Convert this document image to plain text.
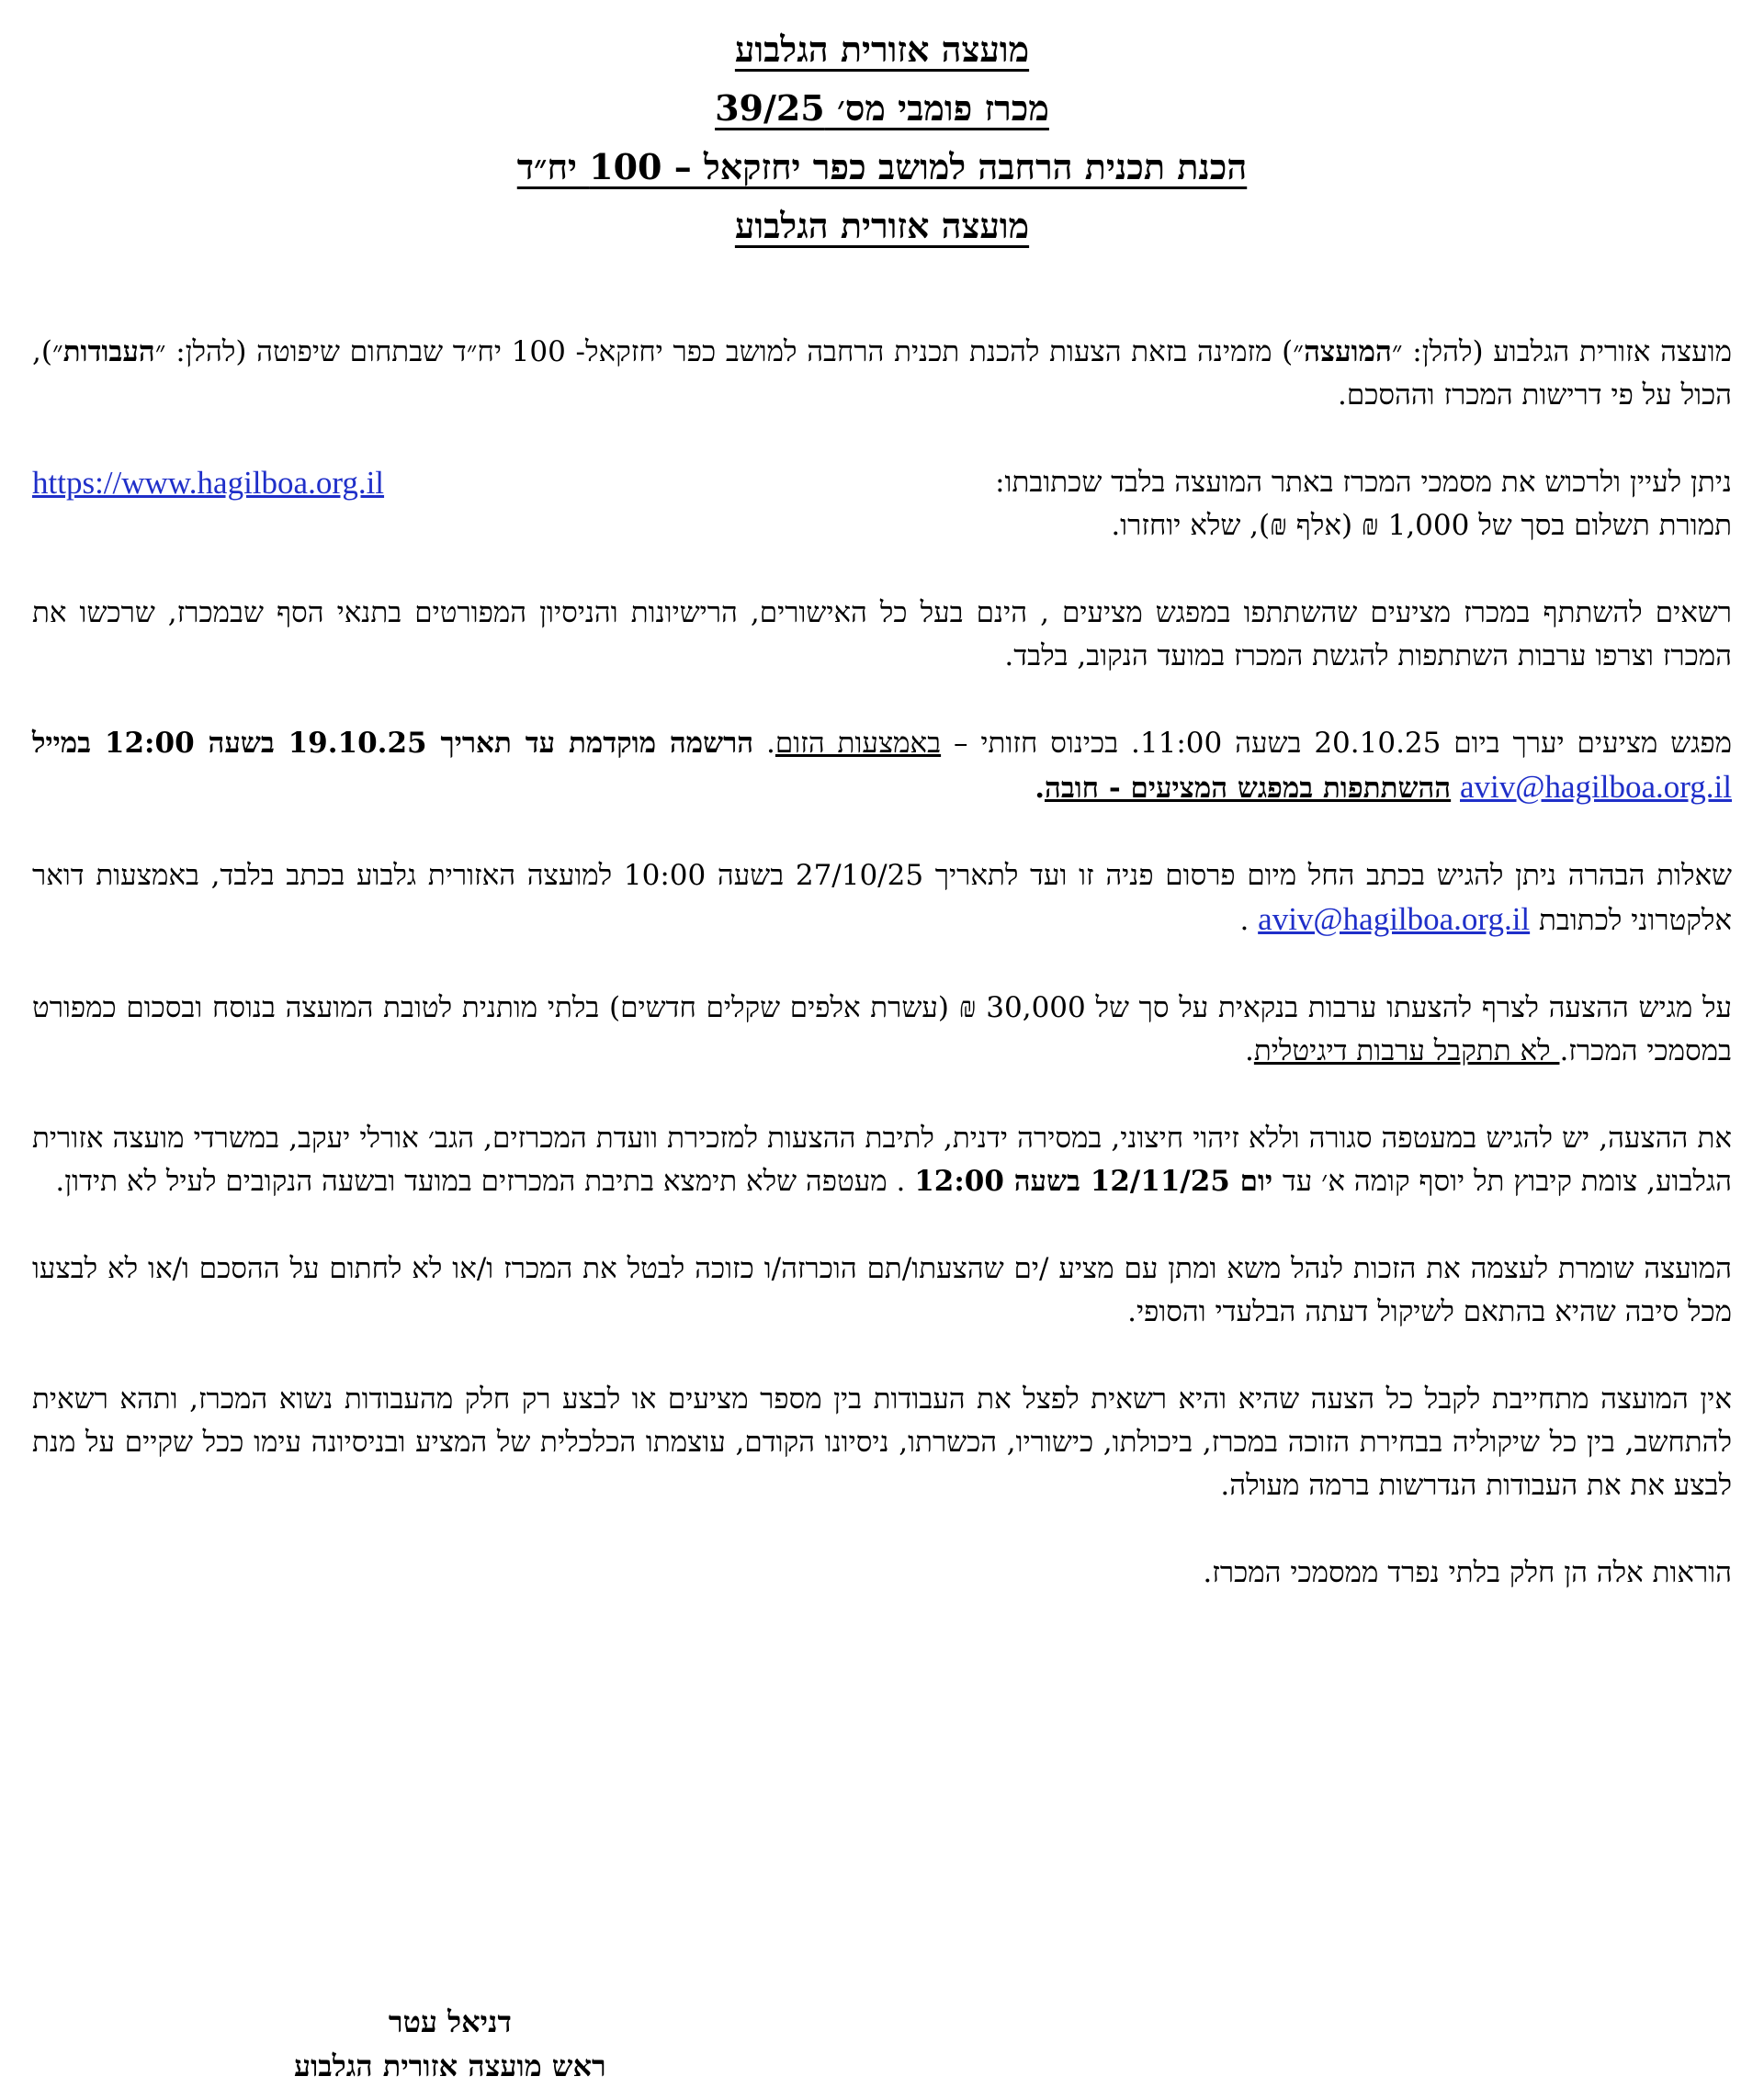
מועצה אזורית הגלבוע
מכרז פומבי מס׳ 39/25
הכנת תכנית הרחבה למושב כפר יחזקאל – 100 יח״ד
מועצה אזורית הגלבוע

מועצה אזורית הגלבוע (להלן: ״המועצה״) מזמינה בזאת הצעות להכנת תכנית הרחבה למושב כפר יחזקאל- 100 יח״ד שבתחום שיפוטה (להלן: ״העבודות״), הכול על פי דרישות המכרז וההסכם.

ניתן לעיין ולרכוש את מסמכי המכרז באתר המועצה בלבד שכתובתו:
https://www.hagilboa.org.il
תמורת תשלום בסך של 1,000 ₪ (אלף ₪), שלא יוחזרו.

רשאים להשתתף במכרז מציעים שהשתתפו במפגש מציעים , הינם בעל כל האישורים, הרישיונות והניסיון המפורטים בתנאי הסף שבמכרז, שרכשו את המכרז וצרפו ערבות השתתפות להגשת המכרז במועד הנקוב, בלבד.

מפגש מציעים יערך ביום 20.10.25 בשעה 11:00. בכינוס חזותי – באמצעות הזום. הרשמה מוקדמת עד תאריך 19.10.25 בשעה 12:00 במייל aviv@hagilboa.org.il ההשתתפות במפגש המציעים - חובה.

שאלות הבהרה ניתן להגיש בכתב החל מיום פרסום פניה זו ועד לתאריך 27/10/25 בשעה 10:00 למועצה האזורית גלבוע בכתב בלבד, באמצעות דואר אלקטרוני לכתובת aviv@hagilboa.org.il .

על מגיש ההצעה לצרף להצעתו ערבות בנקאית על סך של 30,000 ₪ (עשרת אלפים שקלים חדשים) בלתי מותנית לטובת המועצה בנוסח ובסכום כמפורט במסמכי המכרז. לא תתקבל ערבות דיגיטלית.

את ההצעה, יש להגיש במעטפה סגורה וללא זיהוי חיצוני, במסירה ידנית, לתיבת ההצעות למזכירת וועדת המכרזים, הגב׳ אורלי יעקב, במשרדי מועצה אזורית הגלבוע, צומת קיבוץ תל יוסף קומה א׳ עד יום 12/11/25 בשעה 12:00 . מעטפה שלא תימצא בתיבת המכרזים במועד ובשעה הנקובים לעיל לא תידון.

המועצה שומרת לעצמה את הזכות לנהל משא ומתן עם מציע /ים שהצעתו/תם הוכרזה/ו כזוכה לבטל את המכרז ו/או לא לחתום על ההסכם ו/או לא לבצעו מכל סיבה שהיא בהתאם לשיקול דעתה הבלעדי והסופי.

אין המועצה מתחייבת לקבל כל הצעה שהיא והיא רשאית לפצל את העבודות בין מספר מציעים או לבצע רק חלק מהעבודות נשוא המכרז, ותהא רשאית להתחשב, בין כל שיקוליה בבחירת הזוכה במכרז, ביכולתו, כישוריו, הכשרתו, ניסיונו הקודם, עוצמתו הכלכלית של המציע ובניסיונה עימו ככל שקיים על מנת לבצע את את העבודות הנדרשות ברמה מעולה.

הוראות אלה הן חלק בלתי נפרד ממסמכי המכרז.

דניאל עטר
ראש מועצה אזורית הגלבוע
